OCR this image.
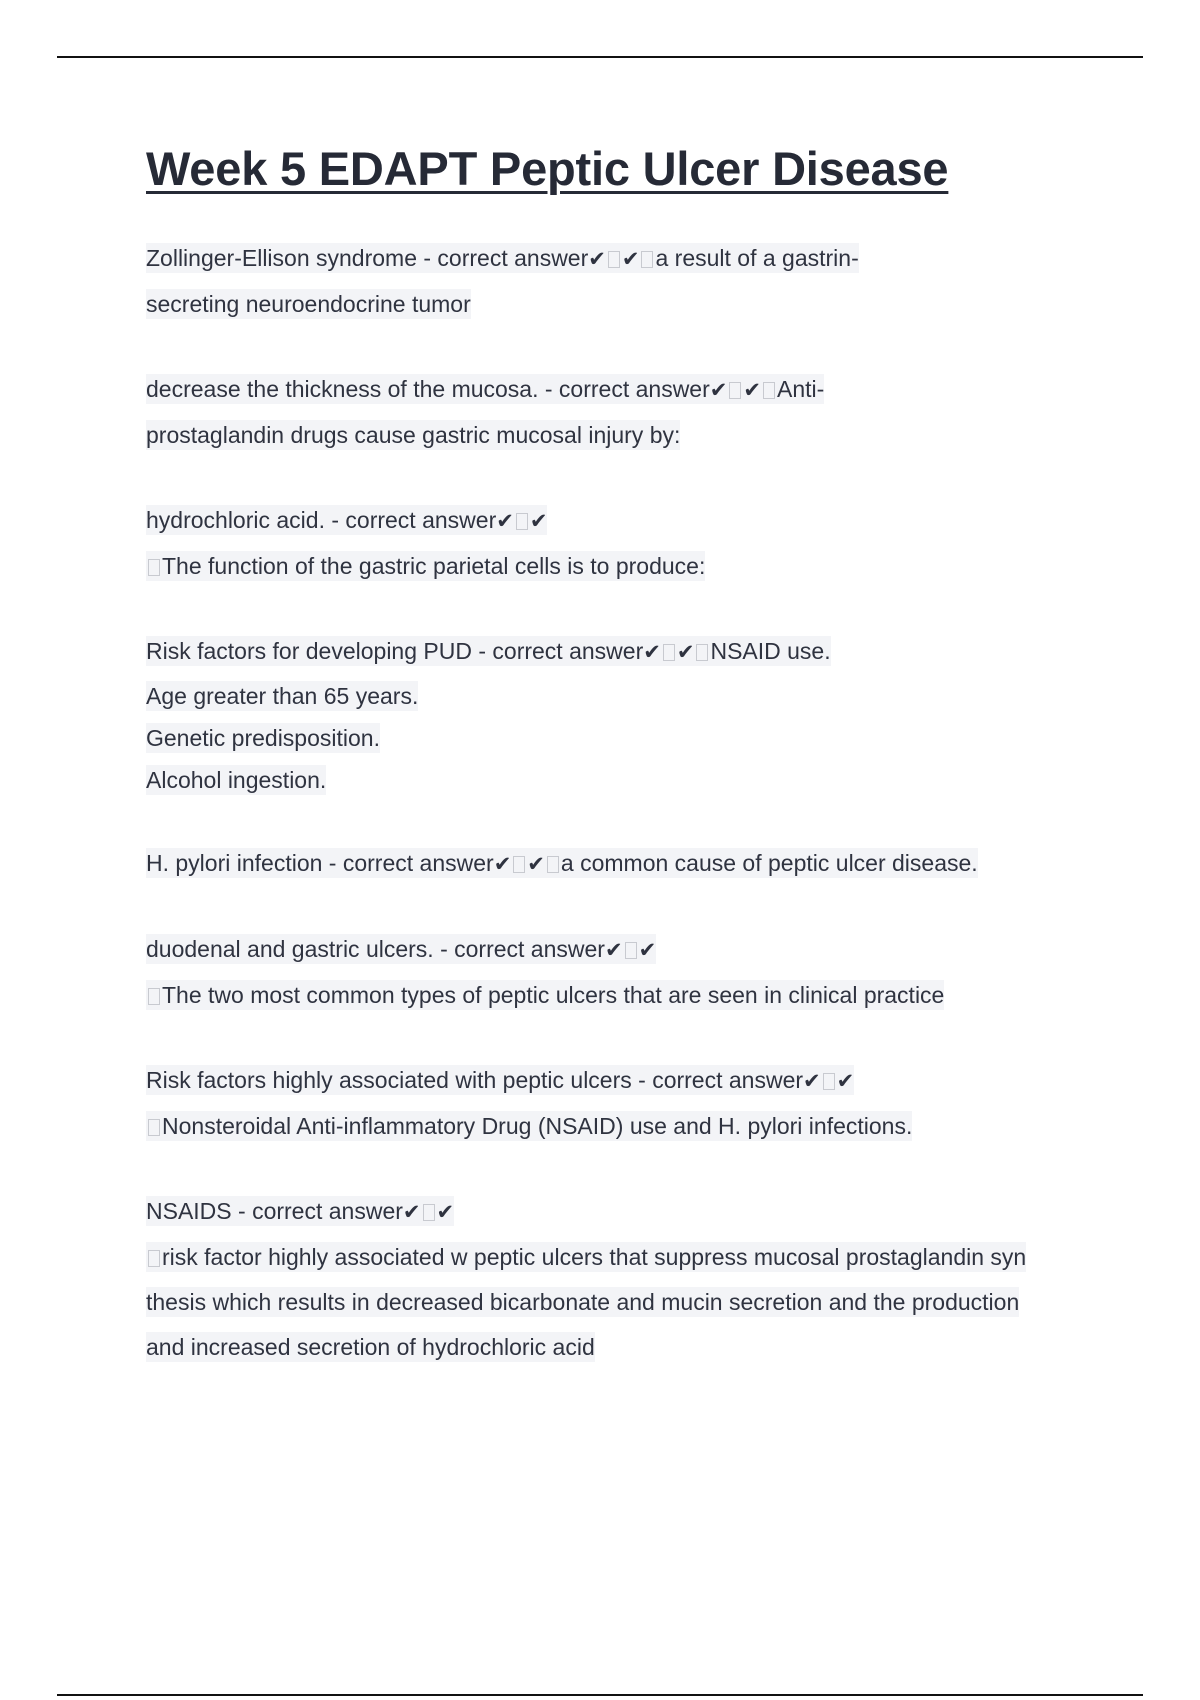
Week 5 EDAPT Peptic Ulcer Disease
Zollinger-Ellison syndrome - correct answer✔ ✔ a result of a gastrin-
secreting neuroendocrine tumor
decrease the thickness of the mucosa. - correct answer✔ ✔ Anti-
prostaglandin drugs cause gastric mucosal injury by:
hydrochloric acid. - correct answer✔ ✔
The function of the gastric parietal cells is to produce:
Risk factors for developing PUD - correct answer✔ ✔ NSAID use.
Age greater than 65 years.
Genetic predisposition.
Alcohol ingestion.
H. pylori infection - correct answer✔ ✔ a common cause of peptic ulcer disease.
duodenal and gastric ulcers. - correct answer✔ ✔
The two most common types of peptic ulcers that are seen in clinical practice
Risk factors highly associated with peptic ulcers - correct answer✔ ✔
Nonsteroidal Anti-inflammatory Drug (NSAID) use and H. pylori infections.
NSAIDS - correct answer✔ ✔
risk factor highly associated w peptic ulcers that suppress mucosal prostaglandin syn
thesis which results in decreased bicarbonate and mucin secretion and the production
and increased secretion of hydrochloric acid
